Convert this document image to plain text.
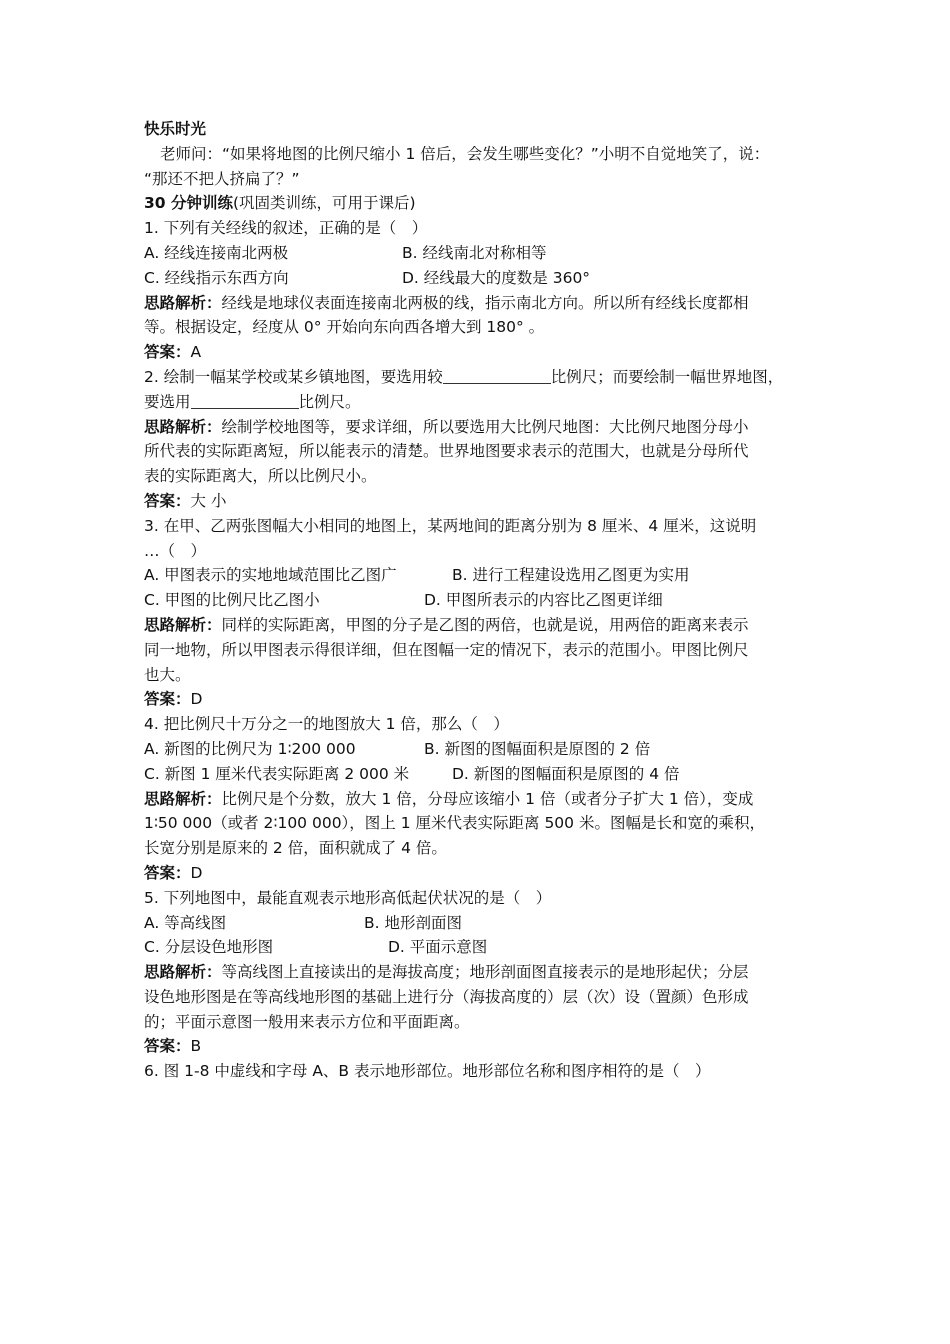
快乐时光
老师问：“如果将地图的比例尺缩小 1 倍后，会发生哪些变化？”小明不自觉地笑了，说：
“那还不把人挤扁了？”
30 分钟训练(巩固类训练，可用于课后)
1. 下列有关经线的叙述，正确的是（　）
A. 经线连接南北两极	B. 经线南北对称相等
C. 经线指示东西方向	D. 经线最大的度数是 360°
思路解析：经线是地球仪表面连接南北两极的线，指示南北方向。所以所有经线长度都相
等。根据设定，经度从 0° 开始向东向西各增大到 180° 。
答案：A
2. 绘制一幅某学校或某乡镇地图，要选用较	比例尺；而要绘制一幅世界地图，
要选用	比例尺。
思路解析：绘制学校地图等，要求详细，所以要选用大比例尺地图：大比例尺地图分母小
所代表的实际距离短，所以能表示的清楚。世界地图要求表示的范围大，也就是分母所代
表的实际距离大，所以比例尺小。
答案：大 小
3. 在甲、乙两张图幅大小相同的地图上，某两地间的距离分别为 8 厘米、4 厘米，这说明
…（　）
A. 甲图表示的实地地域范围比乙图广	B. 进行工程建设选用乙图更为实用
C. 甲图的比例尺比乙图小	D. 甲图所表示的内容比乙图更详细
思路解析：同样的实际距离，甲图的分子是乙图的两倍，也就是说，用两倍的距离来表示
同一地物，所以甲图表示得很详细，但在图幅一定的情况下，表示的范围小。甲图比例尺
也大。
答案：D
4. 把比例尺十万分之一的地图放大 1 倍，那么（　）
A. 新图的比例尺为 1∶200 000	B. 新图的图幅面积是原图的 2 倍
C. 新图 1 厘米代表实际距离 2 000 米	D. 新图的图幅面积是原图的 4 倍
思路解析：比例尺是个分数，放大 1 倍，分母应该缩小 1 倍（或者分子扩大 1 倍），变成
1∶50 000（或者 2∶100 000），图上 1 厘米代表实际距离 500 米。图幅是长和宽的乘积，
长宽分别是原来的 2 倍，面积就成了 4 倍。
答案：D
5. 下列地图中，最能直观表示地形高低起伏状况的是（　）
A. 等高线图	B. 地形剖面图
C. 分层设色地形图	D. 平面示意图
思路解析：等高线图上直接读出的是海拔高度；地形剖面图直接表示的是地形起伏；分层
设色地形图是在等高线地形图的基础上进行分（海拔高度的）层（次）设（置颜）色形成
的；平面示意图一般用来表示方位和平面距离。
答案：B
6. 图 1-8 中虚线和字母 A、B 表示地形部位。地形部位名称和图序相符的是（　）
